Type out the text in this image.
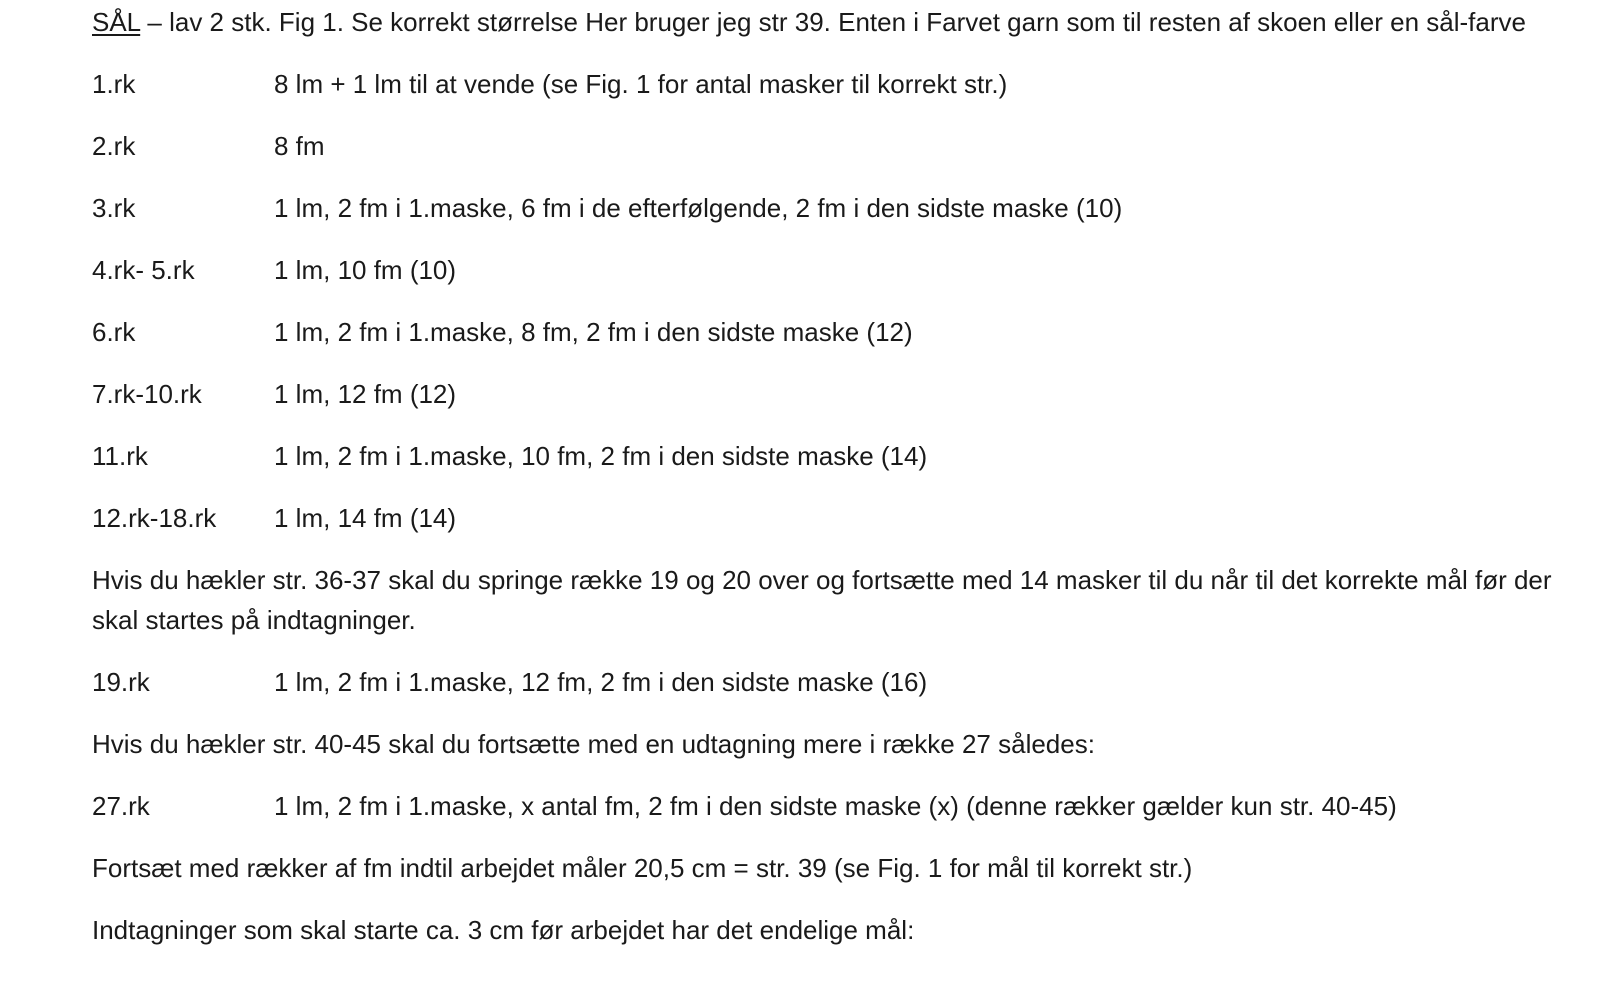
SÅL – lav 2 stk. Fig 1. Se korrekt størrelse Her bruger jeg str 39. Enten i Farvet garn som til resten af skoen eller en sål-farve

1.rk	8 lm + 1 lm til at vende (se Fig. 1 for antal masker til korrekt str.)
2.rk	8 fm
3.rk	1 lm, 2 fm i 1.maske, 6 fm i de efterfølgende, 2 fm i den sidste maske (10)
4.rk- 5.rk	1 lm, 10 fm (10)
6.rk	1 lm, 2 fm i 1.maske, 8 fm, 2 fm i den sidste maske (12)
7.rk-10.rk	1 lm, 12 fm (12)
11.rk	1 lm, 2 fm i 1.maske, 10 fm, 2 fm i den sidste maske (14)
12.rk-18.rk	1 lm, 14 fm (14)

Hvis du hækler str. 36-37 skal du springe række 19 og 20 over og fortsætte med 14 masker til du når til det korrekte mål før der skal startes på indtagninger.

19.rk	1 lm, 2 fm i 1.maske, 12 fm, 2 fm i den sidste maske (16)

Hvis du hækler str. 40-45 skal du fortsætte med en udtagning mere i række 27 således:

27.rk	1 lm, 2 fm i 1.maske, x antal fm, 2 fm i den sidste maske (x) (denne rækker gælder kun str. 40-45)

Fortsæt med rækker af fm indtil arbejdet måler 20,5 cm = str. 39 (se Fig. 1 for mål til korrekt str.)

Indtagninger som skal starte ca. 3 cm før arbejdet har det endelige mål:
